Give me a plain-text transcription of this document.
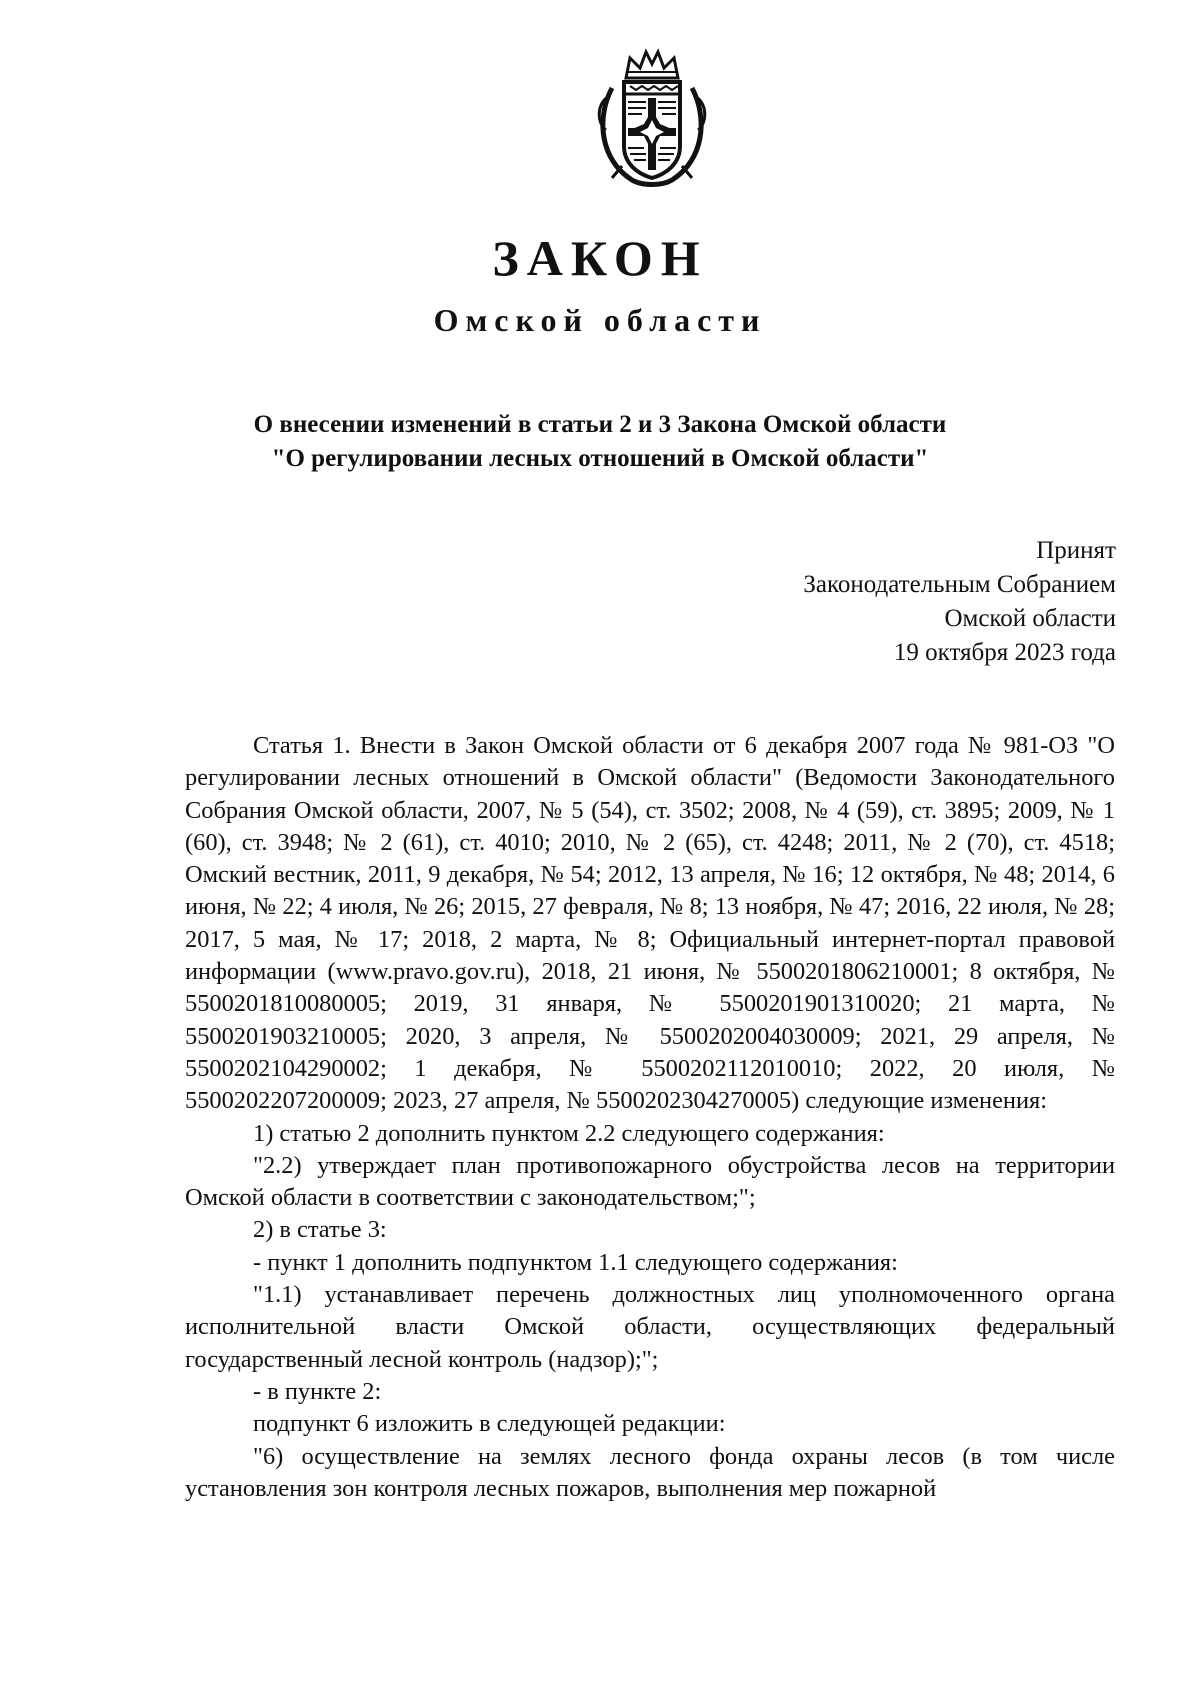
ЗАКОН
Омской области
О внесении изменений в статьи 2 и 3 Закона Омской области
"О регулировании лесных отношений в Омской области"
Принят
Законодательным Собранием
Омской области
19 октября 2023 года

Статья 1. Внести в Закон Омской области от 6 декабря 2007 года № 981-ОЗ "О регулировании лесных отношений в Омской области" (Ведомости Законодательного Собрания Омской области, 2007, № 5 (54), ст. 3502; 2008, № 4 (59), ст. 3895; 2009, № 1 (60), ст. 3948; № 2 (61), ст. 4010; 2010, № 2 (65), ст. 4248; 2011, № 2 (70), ст. 4518; Омский вестник, 2011, 9 декабря, № 54; 2012, 13 апреля, № 16; 12 октября, № 48; 2014, 6 июня, № 22; 4 июля, № 26; 2015, 27 февраля, № 8; 13 ноября, № 47; 2016, 22 июля, № 28; 2017, 5 мая, № 17; 2018, 2 марта, № 8; Официальный интернет-портал правовой информации (www.pravo.gov.ru), 2018, 21 июня, № 5500201806210001; 8 октября, № 5500201810080005; 2019, 31 января, № 5500201901310020; 21 марта, № 5500201903210005; 2020, 3 апреля, № 5500202004030009; 2021, 29 апреля, № 5500202104290002; 1 декабря, № 5500202112010010; 2022, 20 июля, № 5500202207200009; 2023, 27 апреля, № 5500202304270005) следующие изменения:

1) статью 2 дополнить пунктом 2.2 следующего содержания:

"2.2) утверждает план противопожарного обустройства лесов на территории Омской области в соответствии с законодательством;";

2) в статье 3:

- пункт 1 дополнить подпунктом 1.1 следующего содержания:

"1.1) устанавливает перечень должностных лиц уполномоченного органа исполнительной власти Омской области, осуществляющих федеральный государственный лесной контроль (надзор);";

- в пункте 2:

подпункт 6 изложить в следующей редакции:

"6) осуществление на землях лесного фонда охраны лесов (в том числе установления зон контроля лесных пожаров, выполнения мер пожарной
